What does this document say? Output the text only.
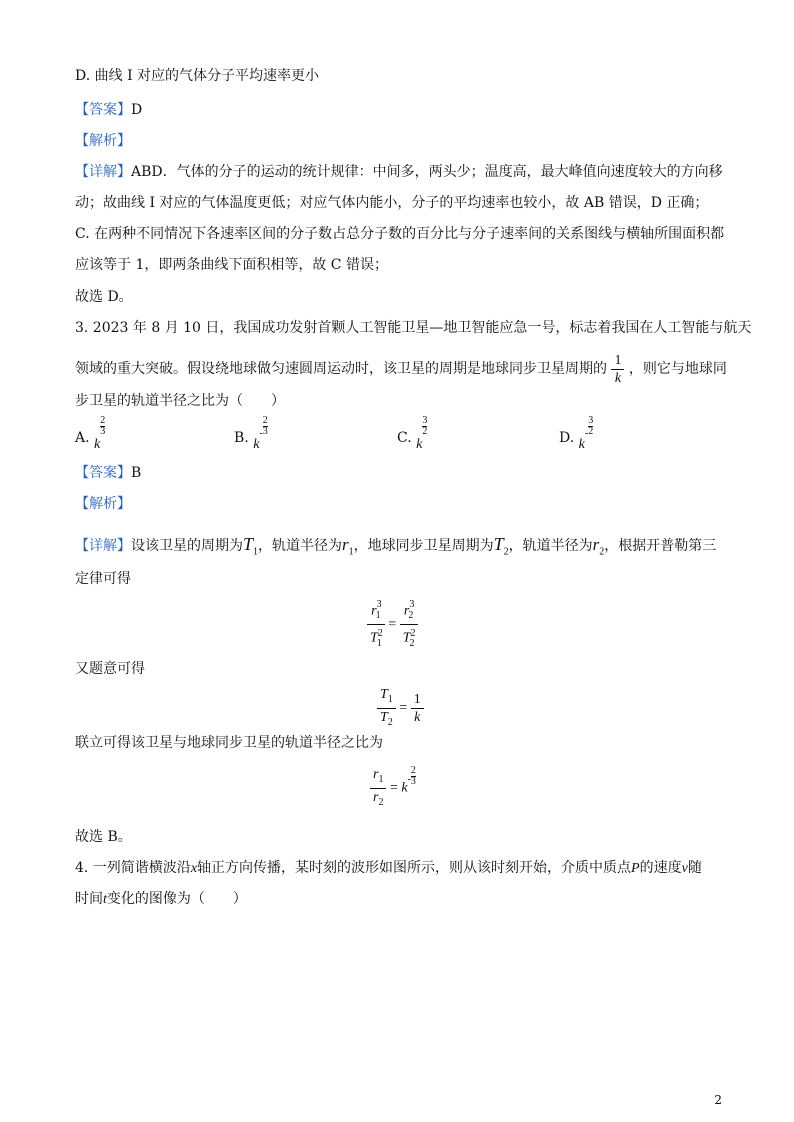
D. 曲线 I 对应的气体分子平均速率更小
【答案】D
【解析】
【详解】ABD．气体的分子的运动的统计规律：中间多，两头少；温度高，最大峰值向速度较大的方向移
动；故曲线 I 对应的气体温度更低；对应气体内能小，分子的平均速率也较小，故 AB 错误，D 正确；
C. 在两种不同情况下各速率区间的分子数占总分子数的百分比与分子速率间的关系图线与横轴所围面积都
应该等于 1，即两条曲线下面积相等，故 C 错误；
故选 D。
3. 2023 年 8 月 10 日，我国成功发射首颗人工智能卫星—地卫智能应急一号，标志着我国在人工智能与航天
领域的重大突破。假设绕地球做匀速圆周运动时，该卫星的周期是地球同步卫星周期的 $\frac{1}{k}$ ，则它与地球同
步卫星的轨道半径之比为（　　）
A. k
$\frac{2}{3}$
B. $k^- \frac{2}{3}$
C. k
$\frac{3}{2}$
D. $k^- \frac{3}{2}$
【答案】B
【解析】
【详解】设该卫星的周期为$T_1$，轨道半径为$r_1$，地球同步卫星周期为$T_2$，轨道半径为$r_2$，根据开普勒第三
定律可得
$\frac{r^3_1}{T^2_1} = \frac{r^3_2}{T^2_2}$
又题意可得
$\frac{T_1}{T_2} = \frac{1}{k}$
联立可得该卫星与地球同步卫星的轨道半径之比为
$\frac{r_1}{r_2} = k^- \frac{2}{3}$
故选 B。
4. 一列简谐横波沿x轴正方向传播，某时刻的波形如图所示，则从该时刻开始，介质中质点P的速度v随
时间t变化的图像为（　　）
2
